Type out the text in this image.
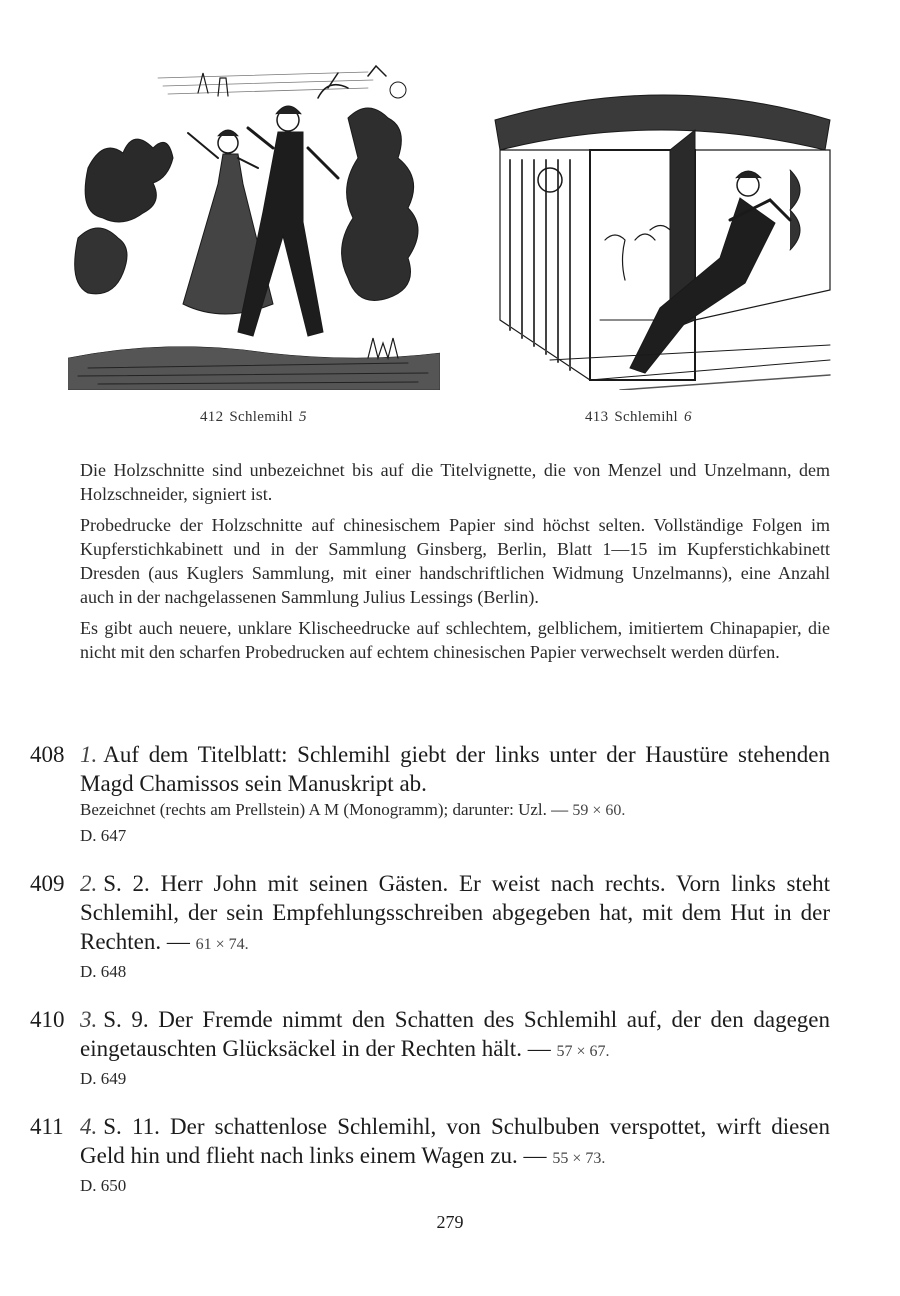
412 Schlemihl 5	413 Schlemihl 6

Die Holzschnitte sind unbezeichnet bis auf die Titelvignette, die von Menzel und Unzelmann, dem Holzschneider, signiert ist.

Probedrucke der Holzschnitte auf chinesischem Papier sind höchst selten. Vollständige Folgen im Kupferstichkabinett und in der Sammlung Ginsberg, Berlin, Blatt 1—15 im Kupferstichkabinett Dresden (aus Kuglers Sammlung, mit einer handschriftlichen Widmung Unzelmanns), eine Anzahl auch in der nachgelassenen Sammlung Julius Lessings (Berlin).

Es gibt auch neuere, unklare Klischeedrucke auf schlechtem, gelblichem, imitiertem Chinapapier, die nicht mit den scharfen Probedrucken auf echtem chinesischen Papier verwechselt werden dürfen.

408 1. Auf dem Titelblatt: Schlemihl giebt der links unter der Haustüre stehenden Magd Chamissos sein Manuskript ab.
Bezeichnet (rechts am Prellstein) A M (Monogramm); darunter: Uzl. — 59 × 60.
D. 647
409 2. S. 2. Herr John mit seinen Gästen. Er weist nach rechts. Vorn links steht Schlemihl, der sein Empfehlungsschreiben abgegeben hat, mit dem Hut in der Rechten. — 61 × 74.
D. 648
410 3. S. 9. Der Fremde nimmt den Schatten des Schlemihl auf, der den dagegen eingetauschten Glücksäckel in der Rechten hält. — 57 × 67.
D. 649
411 4. S. 11. Der schattenlose Schlemihl, von Schulbuben verspottet, wirft diesen Geld hin und flieht nach links einem Wagen zu. — 55 × 73.
D. 650
279
